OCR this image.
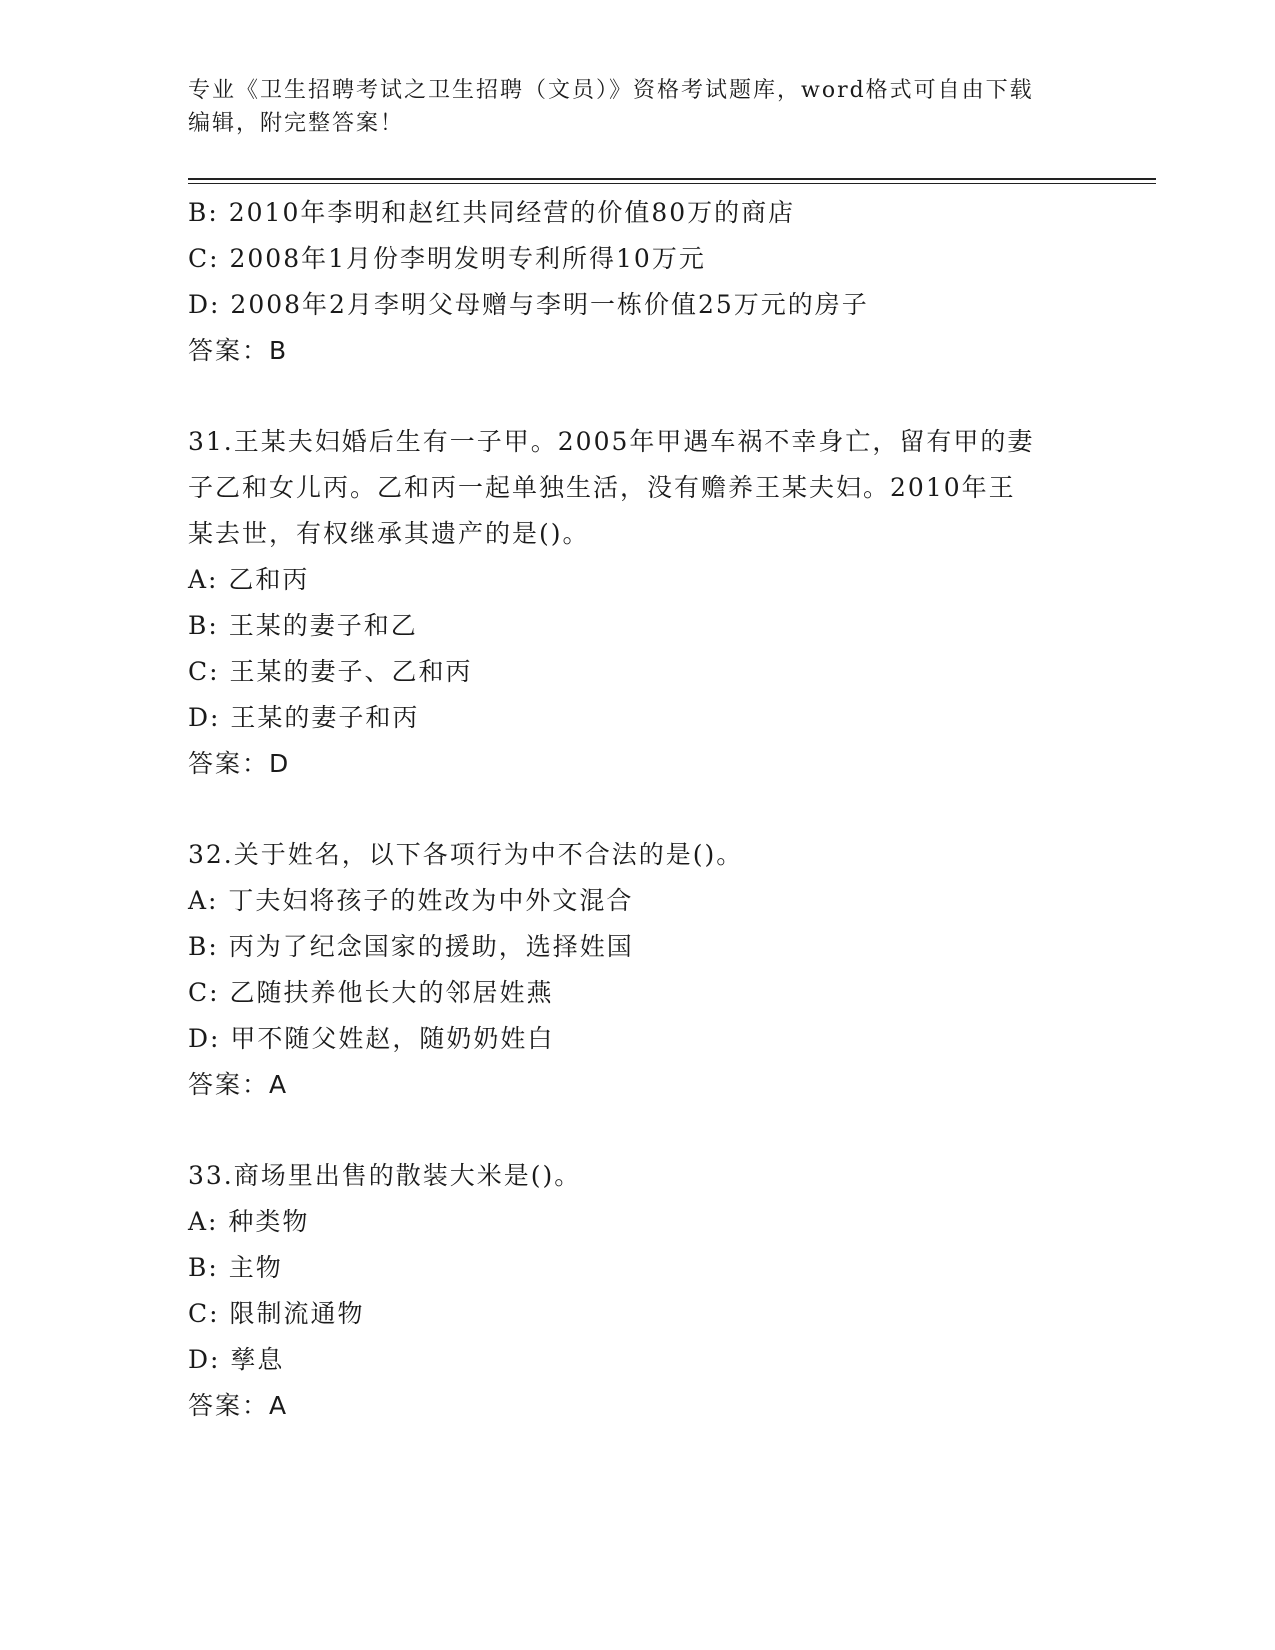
专业《卫生招聘考试之卫生招聘（文员）》资格考试题库，word格式可自由下载
编辑，附完整答案！
B: 2010年李明和赵红共同经营的价值80万的商店
C: 2008年1月份李明发明专利所得10万元
D: 2008年2月李明父母赠与李明一栋价值25万元的房子
答案：B
31.王某夫妇婚后生有一子甲。2005年甲遇车祸不幸身亡，留有甲的妻
子乙和女儿丙。乙和丙一起单独生活，没有赡养王某夫妇。2010年王
某去世，有权继承其遗产的是()。
A: 乙和丙
B: 王某的妻子和乙
C: 王某的妻子、乙和丙
D: 王某的妻子和丙
答案：D
32.关于姓名，以下各项行为中不合法的是()。
A: 丁夫妇将孩子的姓改为中外文混合
B: 丙为了纪念国家的援助，选择姓国
C: 乙随扶养他长大的邻居姓燕
D: 甲不随父姓赵，随奶奶姓白
答案：A
33.商场里出售的散装大米是()。
A: 种类物
B: 主物
C: 限制流通物
D: 孳息
答案：A
